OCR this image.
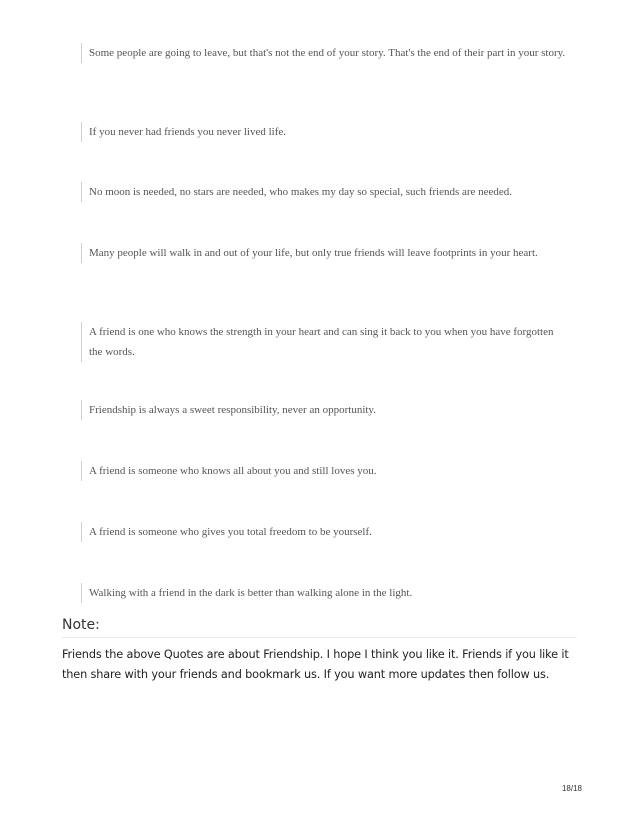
Some people are going to leave, but that's not the end of your story. That's the end of their part in your story.
If you never had friends you never lived life.
No moon is needed, no stars are needed, who makes my day so special, such friends are needed.
Many people will walk in and out of your life, but only true friends will leave footprints in your heart.
A friend is one who knows the strength in your heart and can sing it back to you when you have forgotten the words.
Friendship is always a sweet responsibility, never an opportunity.
A friend is someone who knows all about you and still loves you.
A friend is someone who gives you total freedom to be yourself.
Walking with a friend in the dark is better than walking alone in the light.
Note:
Friends the above Quotes are about Friendship. I hope I think you like it. Friends if you like it then share with your friends and bookmark us. If you want more updates then follow us.
18/18
